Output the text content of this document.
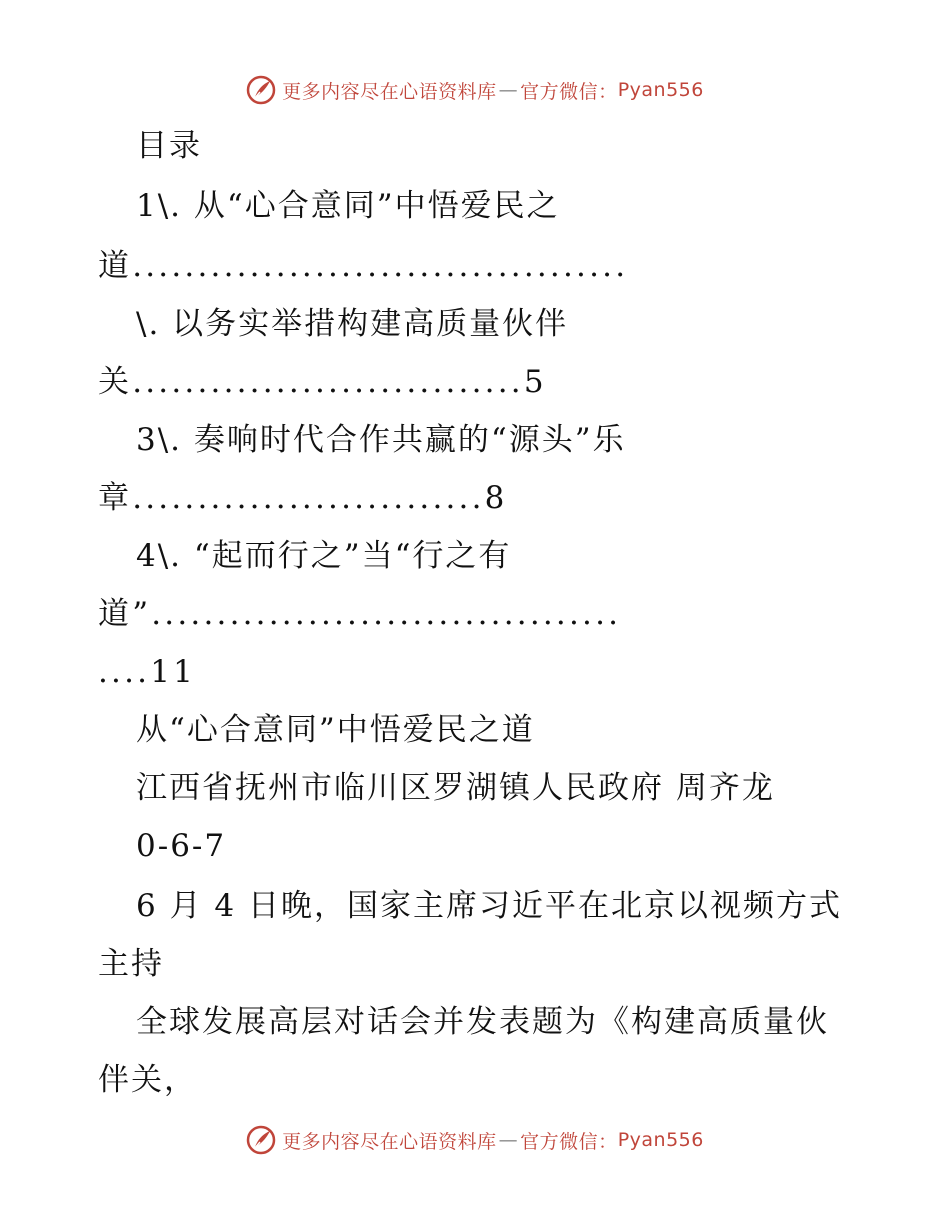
更多内容尽在心语资料库 — 官方微信： Pyan556
目录
1\. 从“心合意同”中悟爱民之
道......................................
\. 以务实举措构建高质量伙伴
关..............................5
3\. 奏响时代合作共赢的“源头”乐
章...........................8
4\. “起而行之”当“行之有
道”....................................
....11
从“心合意同”中悟爱民之道
江西省抚州市临川区罗湖镇人民政府 周齐龙
0-6-7
6 月 4 日晚，国家主席习近平在北京以视频方式
主持
全球发展高层对话会并发表题为《构建高质量伙
伴关，
更多内容尽在心语资料库 — 官方微信： Pyan556
